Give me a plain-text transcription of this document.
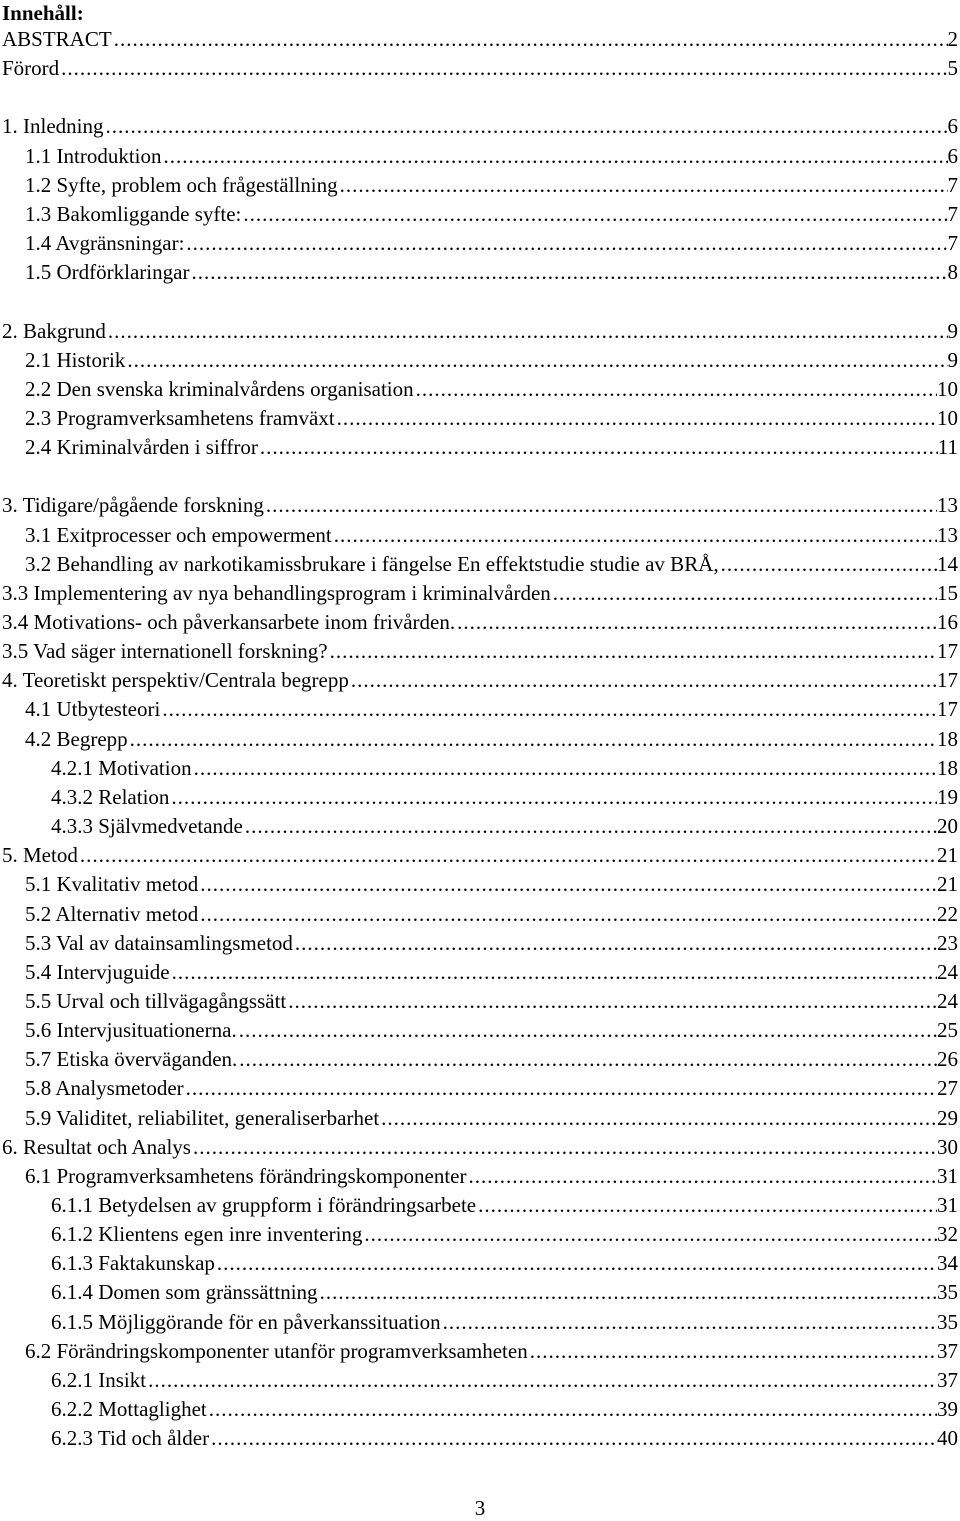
Innehåll:
ABSTRACT .....	2
Förord .....	5
1. Inledning .....	6
1.1 Introduktion .....	6
1.2 Syfte, problem och frågeställning .....	7
1.3 Bakomliggande syfte: .....	7
1.4 Avgränsningar: .....	7
1.5 Ordförklaringar .....	8
2. Bakgrund .....	9
2.1 Historik .....	9
2.2 Den svenska kriminalvårdens organisation .....	10
2.3 Programverksamhetens framväxt .....	10
2.4 Kriminalvården i siffror .....	11
3. Tidigare/pågående forskning .....	13
3.1 Exitprocesser och empowerment .....	13
3.2 Behandling av narkotikamissbrukare i fängelse En effektstudie studie av BRÅ, .....	14
3.3 Implementering av nya behandlingsprogram i kriminalvården .....	15
3.4 Motivations- och påverkansarbete inom frivården. .....	16
3.5 Vad säger internationell forskning? .....	17
4. Teoretiskt perspektiv/Centrala begrepp .....	17
4.1 Utbytesteori .....	17
4.2 Begrepp .....	18
4.2.1 Motivation .....	18
4.3.2 Relation .....	19
4.3.3 Självmedvetande .....	20
5. Metod .....	21
5.1 Kvalitativ metod .....	21
5.2 Alternativ metod .....	22
5.3 Val av datainsamlingsmetod .....	23
5.4 Intervjuguide .....	24
5.5 Urval och tillvägagångssätt .....	24
5.6 Intervjusituationerna. .....	25
5.7 Etiska överväganden. .....	26
5.8 Analysmetoder .....	27
5.9 Validitet, reliabilitet, generaliserbarhet .....	29
6. Resultat och Analys .....	30
6.1 Programverksamhetens förändringskomponenter .....	31
6.1.1 Betydelsen av gruppform i förändringsarbete .....	31
6.1.2 Klientens egen inre inventering .....	32
6.1.3 Faktakunskap .....	34
6.1.4 Domen som gränssättning .....	35
6.1.5 Möjliggörande för en påverkanssituation .....	35
6.2 Förändringskomponenter utanför programverksamheten .....	37
6.2.1 Insikt .....	37
6.2.2 Mottaglighet .....	39
6.2.3 Tid och ålder .....	40
3
